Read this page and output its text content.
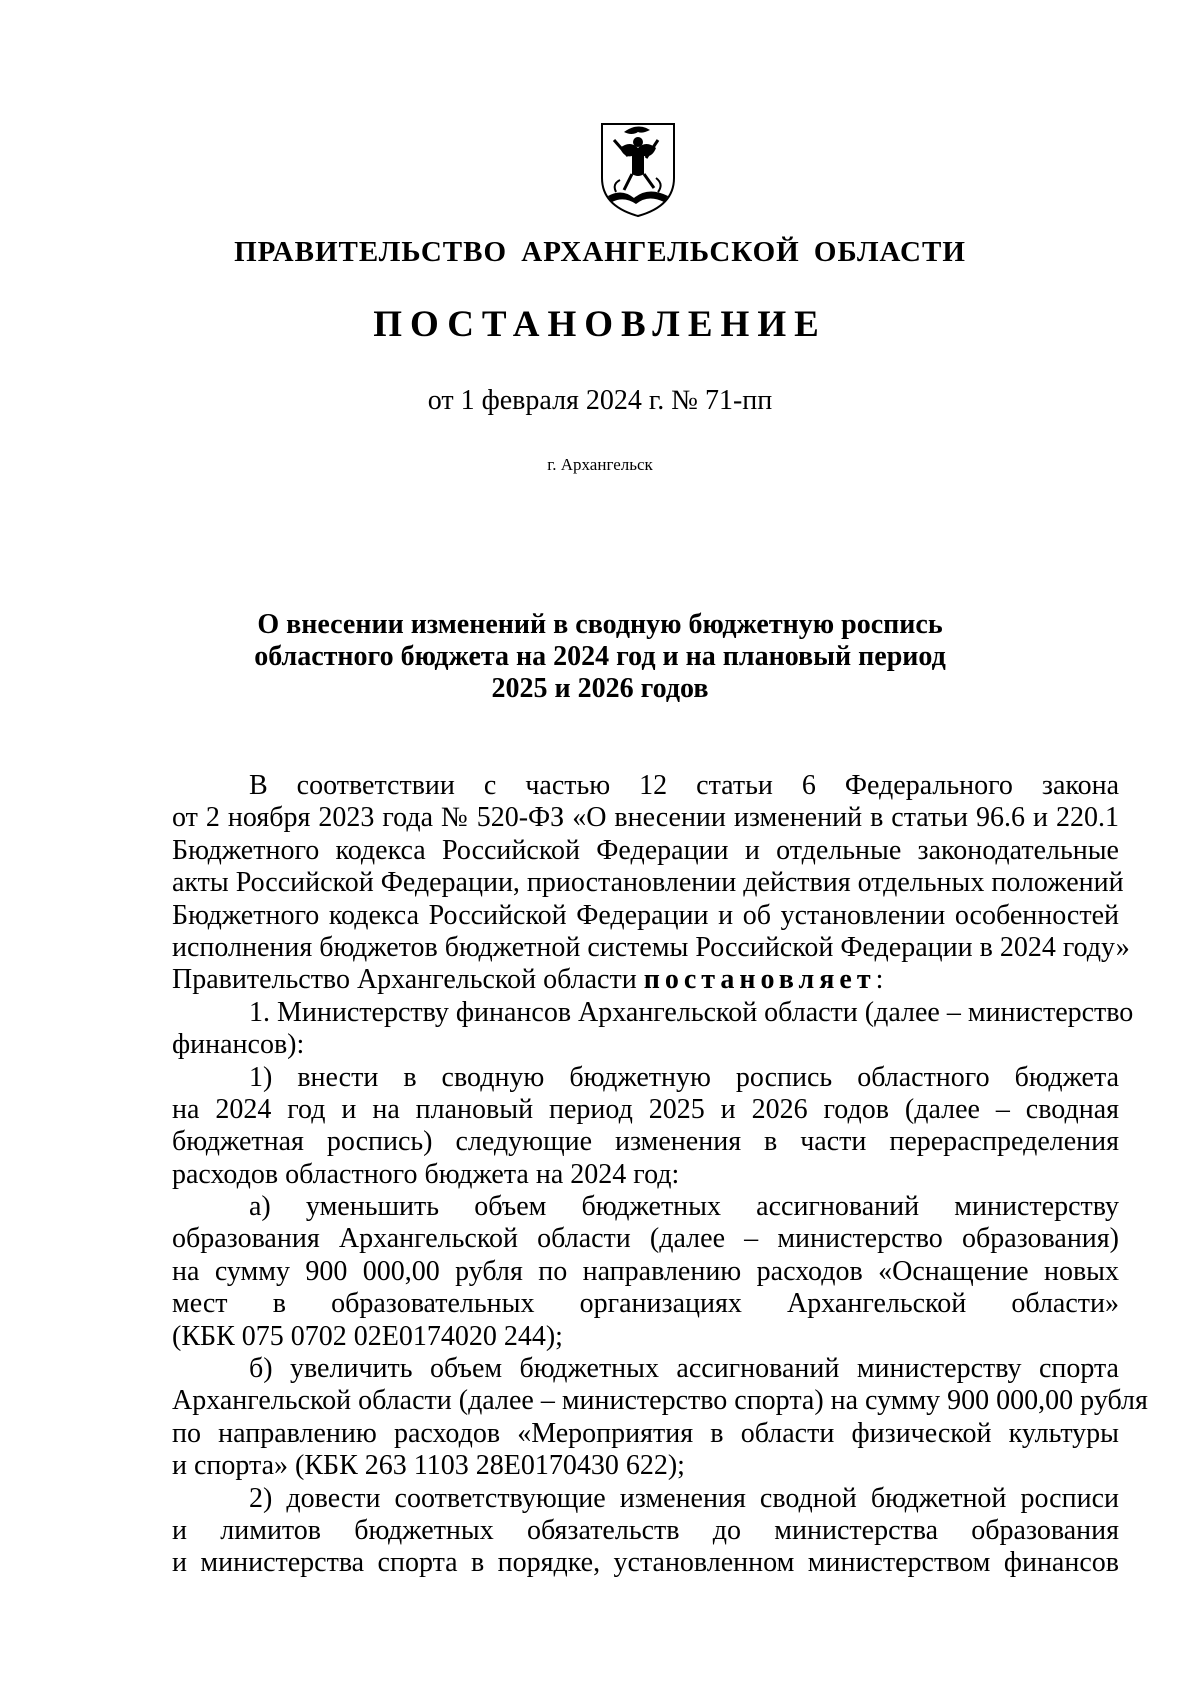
ПРАВИТЕЛЬСТВО АРХАНГЕЛЬСКОЙ ОБЛАСТИ
ПОСТАНОВЛЕНИЕ
от 1 февраля 2024 г. № 71-пп
г. Архангельск
О внесении изменений в сводную бюджетную роспись
областного бюджета на 2024 год и на плановый период
2025 и 2026 годов
В соответствии с частью 12 статьи 6 Федерального закона
от 2 ноября 2023 года № 520-ФЗ «О внесении изменений в статьи 96.6 и 220.1
Бюджетного кодекса Российской Федерации и отдельные законодательные
акты Российской Федерации, приостановлении действия отдельных положений
Бюджетного кодекса Российской Федерации и об установлении особенностей
исполнения бюджетов бюджетной системы Российской Федерации в 2024 году»
Правительство Архангельской области постановляет:
1. Министерству финансов Архангельской области (далее – министерство
финансов):
1) внести в сводную бюджетную роспись областного бюджета
на 2024 год и на плановый период 2025 и 2026 годов (далее – сводная
бюджетная роспись) следующие изменения в части перераспределения
расходов областного бюджета на 2024 год:
а) уменьшить объем бюджетных ассигнований министерству
образования Архангельской области (далее – министерство образования)
на сумму 900 000,00 рубля по направлению расходов «Оснащение новых
мест в образовательных организациях Архангельской области»
(КБК 075 0702 02Е0174020 244);
б) увеличить объем бюджетных ассигнований министерству спорта
Архангельской области (далее – министерство спорта) на сумму 900 000,00 рубля
по направлению расходов «Мероприятия в области физической культуры
и спорта» (КБК 263 1103 28Е0170430 622);
2) довести соответствующие изменения сводной бюджетной росписи
и лимитов бюджетных обязательств до министерства образования
и министерства спорта в порядке, установленном министерством финансов
